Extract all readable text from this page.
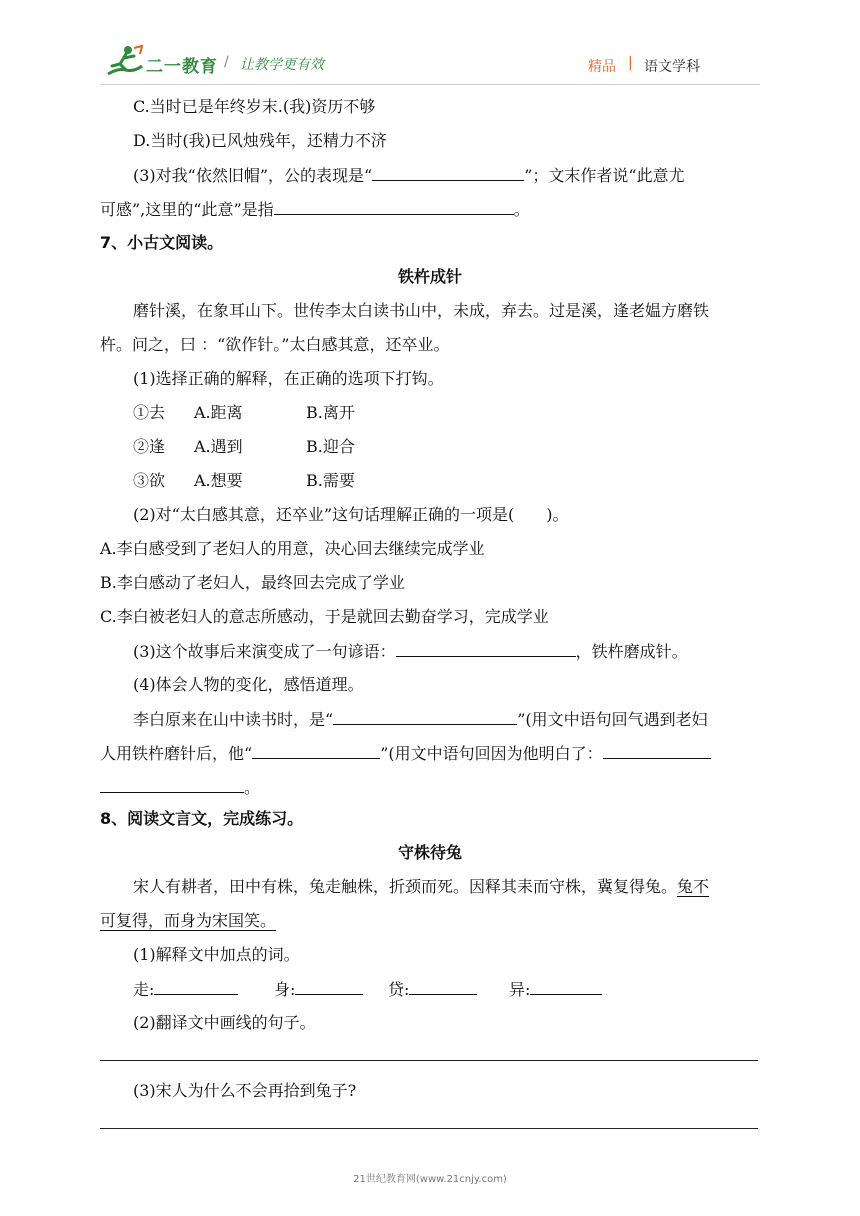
二一教育 / 让教学更有效	精品 | 语文学科
C.当时已是年终岁末.(我)资历不够
D.当时(我)已风烛残年，还精力不济
(3)对我“依然旧帽”，公的表现是“	”；文末作者说“此意尤
可感”,这里的“此意”是指	。
7、小古文阅读。
铁杵成针
磨针溪，在象耳山下。世传李太白读书山中，未成，弃去。过是溪，逢老媪方磨铁
杵。问之，曰 ：“欲作针。”太白感其意，还卒业。
(1)选择正确的解释，在正确的选项下打钩。
①去 A.距离	B.离开
②逢 A.遇到	B.迎合
③欲 A.想要	B.需要
(2)对“太白感其意，还卒业”这句话理解正确的一项是(　　)。
A.李白感受到了老妇人的用意，决心回去继续完成学业
B.李白感动了老妇人，最终回去完成了学业
C.李白被老妇人的意志所感动，于是就回去勤奋学习，完成学业
(3)这个故事后来演变成了一句谚语：	，铁杵磨成针。
(4)体会人物的变化，感悟道理。
李白原来在山中读书时，是“	”(用文中语句回气遇到老妇
人用铁杵磨针后，他“	”(用文中语句回因为他明白了：
。
8、阅读文言文，完成练习。
守株待兔
宋人有耕者，田中有株，兔走触株，折颈而死。因释其耒而守株，冀复得兔。兔不
可复得，而身为宋国笑。
(1)解释文中加点的词。
走:	身:	贷:	异:
(2)翻译文中画线的句子。
(3)宋人为什么不会再拾到兔子?
21世纪教育网(www.21cnjy.com)
